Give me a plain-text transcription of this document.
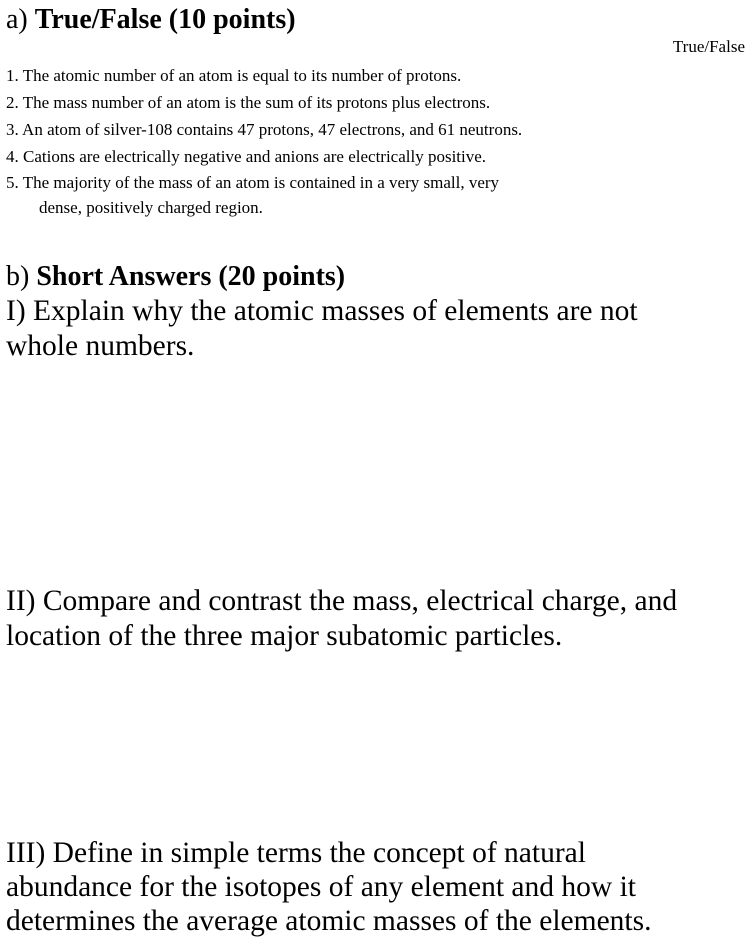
a) True/False (10 points)
True/False
1. The atomic number of an atom is equal to its number of protons.
2. The mass number of an atom is the sum of its protons plus electrons.
3. An atom of silver-108 contains 47 protons, 47 electrons, and 61 neutrons.
4. Cations are electrically negative and anions are electrically positive.
5. The majority of the mass of an atom is contained in a very small, very
dense, positively charged region.
b) Short Answers (20 points)
I) Explain why the atomic masses of elements are not
whole numbers.
II) Compare and contrast the mass, electrical charge, and
location of the three major subatomic particles.
III) Define in simple terms the concept of natural
abundance for the isotopes of any element and how it
determines the average atomic masses of the elements.
